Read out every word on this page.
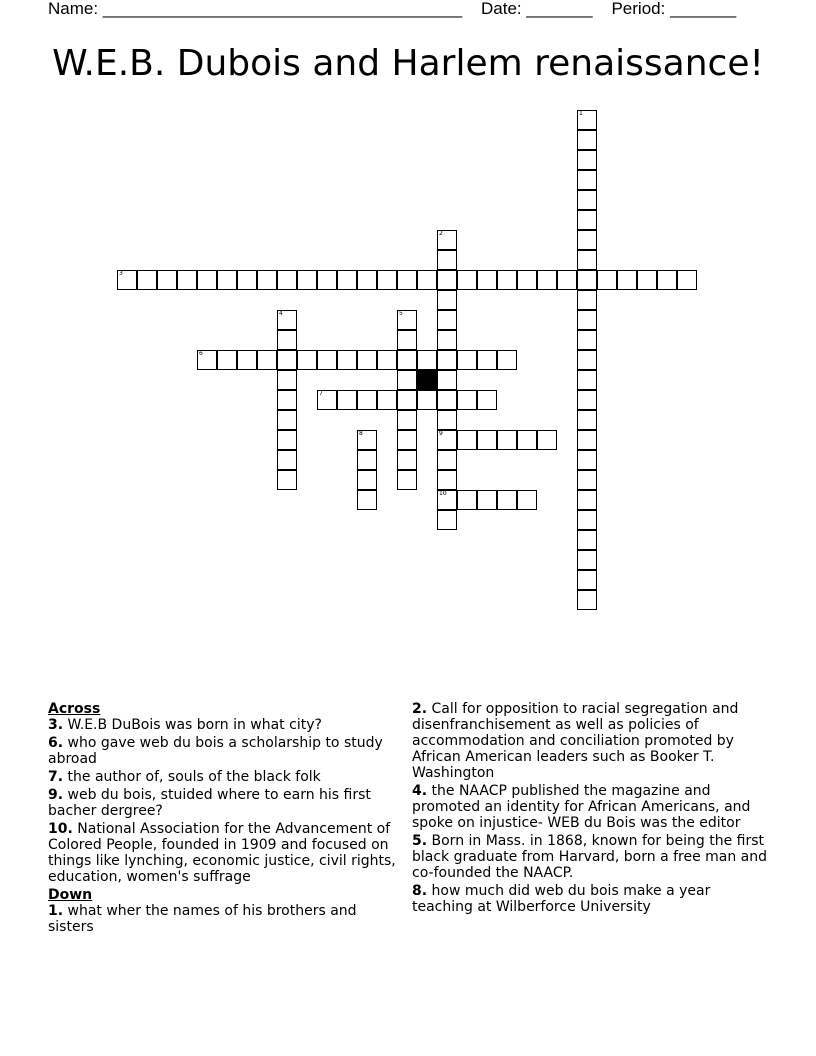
Name: ______________________________________ Date: _______ Period: _______
W.E.B. Dubois and Harlem renaissance!
1
2
9
10
3
4	5
6
7
8
Across
3. W.E.B DuBois was born in what city?
6. who gave web du bois a scholarship to study abroad
7. the author of, souls of the black folk
9. web du bois, stuided where to earn his first bacher dergree?
10. National Association for the Advancement of Colored People, founded in 1909 and focused on things like lynching, economic justice, civil rights, education, women's suffrage
Down
1. what wher the names of his brothers and sisters
2. Call for opposition to racial segregation and disenfranchisement as well as policies of accommodation and conciliation promoted by African American leaders such as Booker T. Washington
4. the NAACP published the magazine and promoted an identity for African Americans, and spoke on injustice- WEB du Bois was the editor
5. Born in Mass. in 1868, known for being the first black graduate from Harvard, born a free man and co-founded the NAACP.
8. how much did web du bois make a year teaching at Wilberforce University
